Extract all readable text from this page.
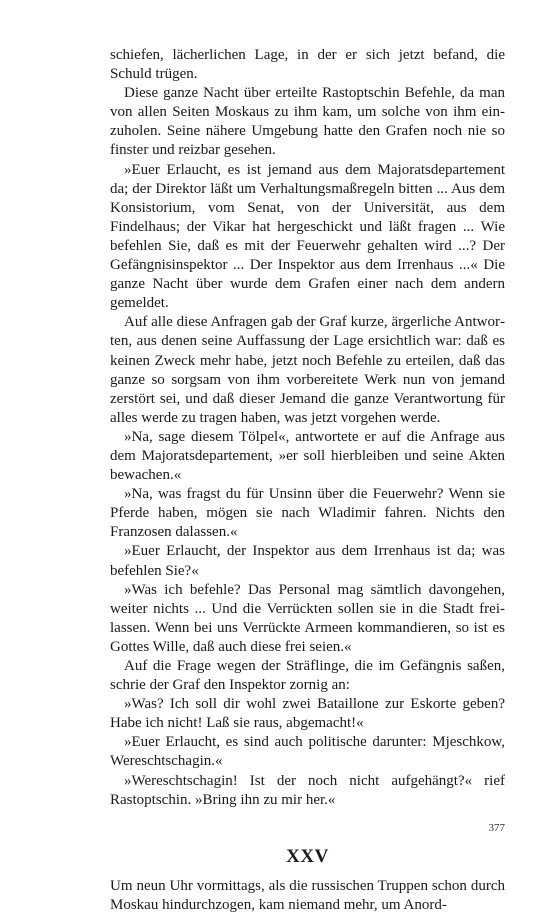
schiefen, lächerlichen Lage, in der er sich jetzt befand, die Schuld trügen.

Diese ganze Nacht über erteilte Rastoptschin Befehle, da man von allen Seiten Moskaus zu ihm kam, um solche von ihm einzuholen. Seine nähere Umgebung hatte den Grafen noch nie so finster und reizbar gesehen.

»Euer Erlaucht, es ist jemand aus dem Majoratsdepartement da; der Direktor läßt um Verhaltungsmaßregeln bitten ... Aus dem Konsistorium, vom Senat, von der Universität, aus dem Findelhaus; der Vikar hat hergeschickt und läßt fragen ... Wie befehlen Sie, daß es mit der Feuerwehr gehalten wird ...? Der Gefängnisinspektor ... Der Inspektor aus dem Irrenhaus ...« Die ganze Nacht über wurde dem Grafen einer nach dem andern gemeldet.

Auf alle diese Anfragen gab der Graf kurze, ärgerliche Antworten, aus denen seine Auffassung der Lage ersichtlich war: daß es keinen Zweck mehr habe, jetzt noch Befehle zu erteilen, daß das ganze so sorgsam von ihm vorbereitete Werk nun von jemand zerstört sei, und daß dieser Jemand die ganze Verantwortung für alles werde zu tragen haben, was jetzt vorgehen werde.

»Na, sage diesem Tölpel«, antwortete er auf die Anfrage aus dem Majoratsdepartement, »er soll hierbleiben und seine Akten bewachen.«

»Na, was fragst du für Unsinn über die Feuerwehr? Wenn sie Pferde haben, mögen sie nach Wladimir fahren. Nichts den Franzosen dalassen.«

»Euer Erlaucht, der Inspektor aus dem Irrenhaus ist da; was befehlen Sie?«

»Was ich befehle? Das Personal mag sämtlich davongehen, weiter nichts ... Und die Verrückten sollen sie in die Stadt freilassen. Wenn bei uns Verrückte Armeen kommandieren, so ist es Gottes Wille, daß auch diese frei seien.«

Auf die Frage wegen der Sträflinge, die im Gefängnis saßen, schrie der Graf den Inspektor zornig an:

»Was? Ich soll dir wohl zwei Bataillone zur Eskorte geben? Habe ich nicht! Laß sie raus, abgemacht!«

»Euer Erlaucht, es sind auch politische darunter: Mjeschkow, Wereschtschagin.«

»Wereschtschagin! Ist der noch nicht aufgehängt?« rief Rastoptschin. »Bring ihn zu mir her.«

XXV

Um neun Uhr vormittags, als die russischen Truppen schon durch Moskau hindurchzogen, kam niemand mehr, um Anord-

377
